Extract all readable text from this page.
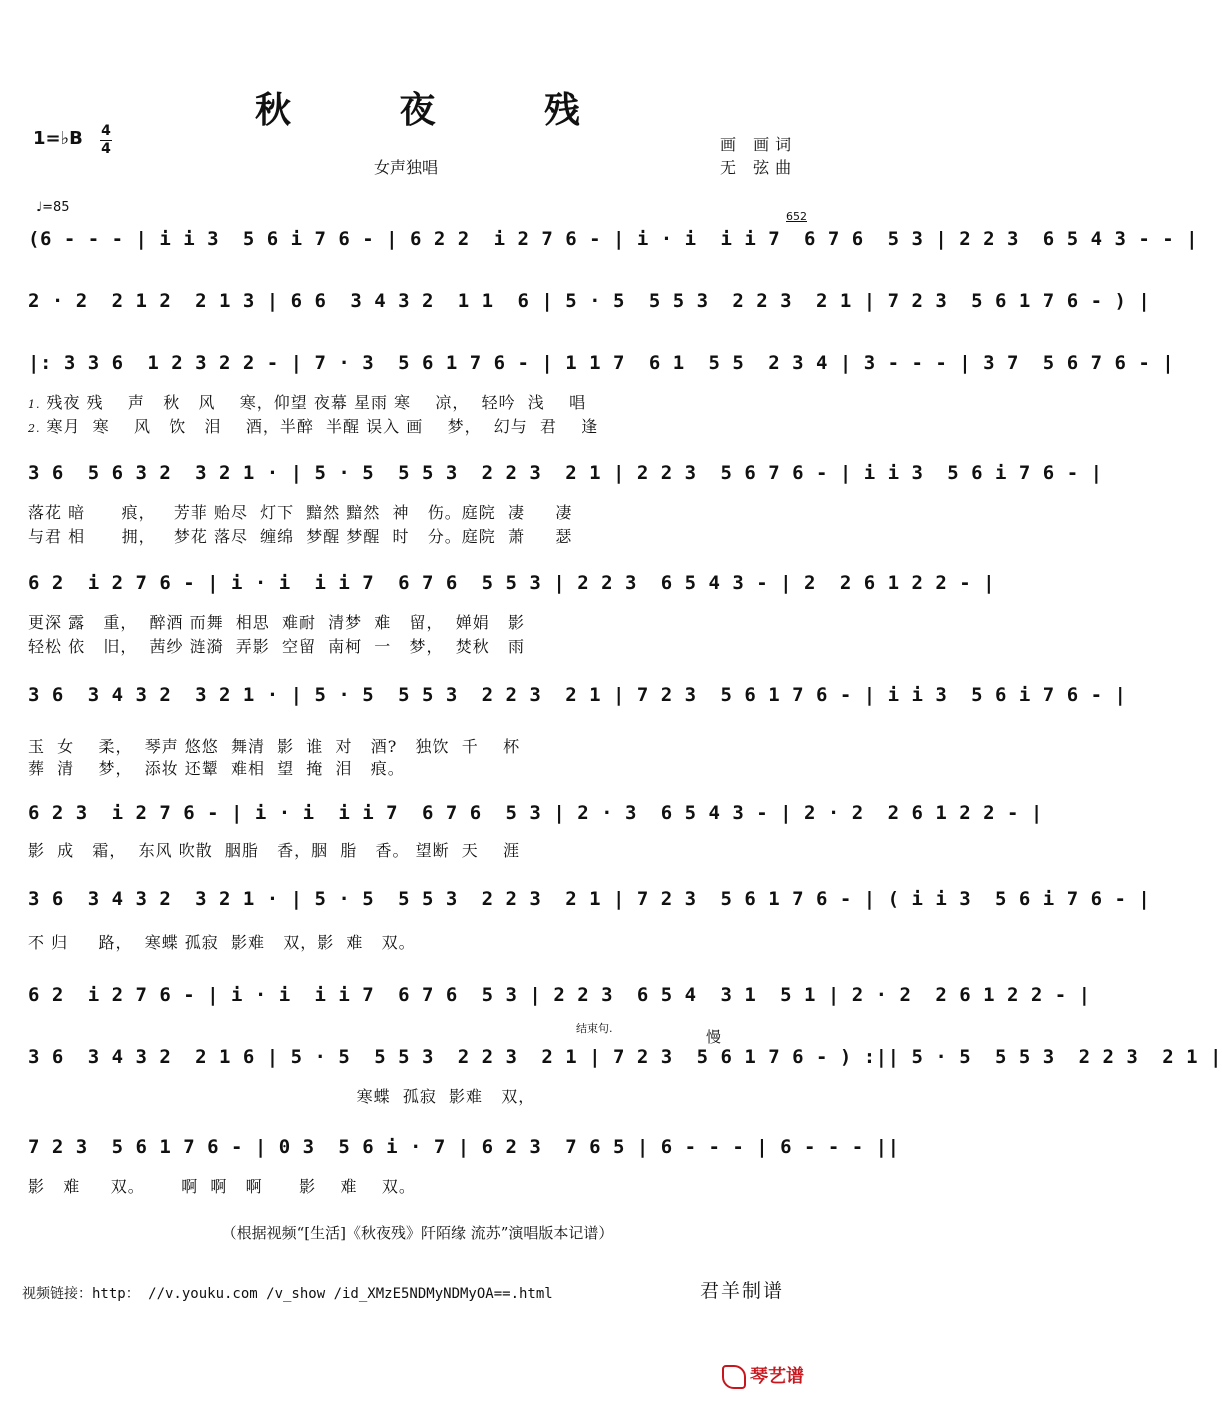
秋 夜 残
1=♭B 4
4
女声独唱
画 画词
无 弦曲
♩=85
(6 - - - | i i 3  5 6 i 7 6 - | 6 2 2  i 2 7 6 - | i · i  i i 7  6 7 6  5 3 | 2 2 3  6 5 4 3 - - |
652
2 · 2  2 1 2  2 1 3 | 6 6  3 4 3 2  1 1  6 | 5 · 5  5 5 3  2 2 3  2 1 | 7 2 3  5 6 1 7 6 - ) |
|: 3 3 6  1 2 3 2 2 - | 7 · 3  5 6 1 7 6 - | 1 1 7  6 1  5 5  2 3 4 | 3 - - - | 3 7  5 6 7 6 - |
1. 残夜 残    声   秋   风    寒，仰望 夜幕 星雨 寒    凉，  轻吟  浅    唱
2. 寒月  寒    风   饮   泪    酒，半醉  半醒 误入 画    梦，  幻与  君    逢
3 6  5 6 3 2  3 2 1 · | 5 · 5  5 5 3  2 2 3  2 1 | 2 2 3  5 6 7 6 - | i i 3  5 6 i 7 6 - |
落花 暗      痕，   芳菲 贻尽  灯下  黯然 黯然  神   伤。庭院  凄     凄
与君 相      拥，   梦花 落尽  缠绵  梦醒 梦醒  时   分。庭院  萧     瑟
6 2  i 2 7 6 - | i · i  i i 7  6 7 6  5 5 3 | 2 2 3  6 5 4 3 - | 2  2 6 1 2 2 - |
更深 露   重，  醉酒 而舞  相思  难耐  清梦  难   留，  婵娟   影
轻松 依   旧，  茜纱 涟漪  弄影  空留  南柯  一   梦，  焚秋   雨
3 6  3 4 3 2  3 2 1 · | 5 · 5  5 5 3  2 2 3  2 1 | 7 2 3  5 6 1 7 6 - | i i 3  5 6 i 7 6 - |
玉  女    柔，  琴声 悠悠  舞清  影  谁  对   酒?   独饮  千    杯
葬  清    梦，  添妆 还颦  难相  望  掩  泪   痕。
6 2 3  i 2 7 6 - | i · i  i i 7  6 7 6  5 3 | 2 · 3  6 5 4 3 - | 2 · 2  2 6 1 2 2 - |
影  成   霜，  东风 吹散  胭脂   香，胭  脂   香。 望断  天    涯
3 6  3 4 3 2  3 2 1 · | 5 · 5  5 5 3  2 2 3  2 1 | 7 2 3  5 6 1 7 6 - | ( i i 3  5 6 i 7 6 - |
不 归     路，  寒蝶 孤寂  影难   双，影  难   双。
6 2  i 2 7 6 - | i · i  i i 7  6 7 6  5 3 | 2 2 3  6 5 4  3 1  5 1 | 2 · 2  2 6 1 2 2 - |
结束句.	慢
3 6  3 4 3 2  2 1 6 | 5 · 5  5 5 3  2 2 3  2 1 | 7 2 3  5 6 1 7 6 - ) :|| 5 · 5  5 5 3  2 2 3  2 1 |
寒蝶  孤寂  影难   双，
7 2 3  5 6 1 7 6 - | 0 3  5 6 i · 7 | 6 2 3  7 6 5 | 6 - - - | 6 - - - ||
影   难     双。      啊  啊   啊      影    难    双。
（根据视频“[生活]《秋夜残》阡陌缘 流苏”演唱版本记谱）
视频链接：http： //v.youku.com /v_show /id_XMzE5NDMyNDMyOA==.html	君羊制谱
琴艺谱
